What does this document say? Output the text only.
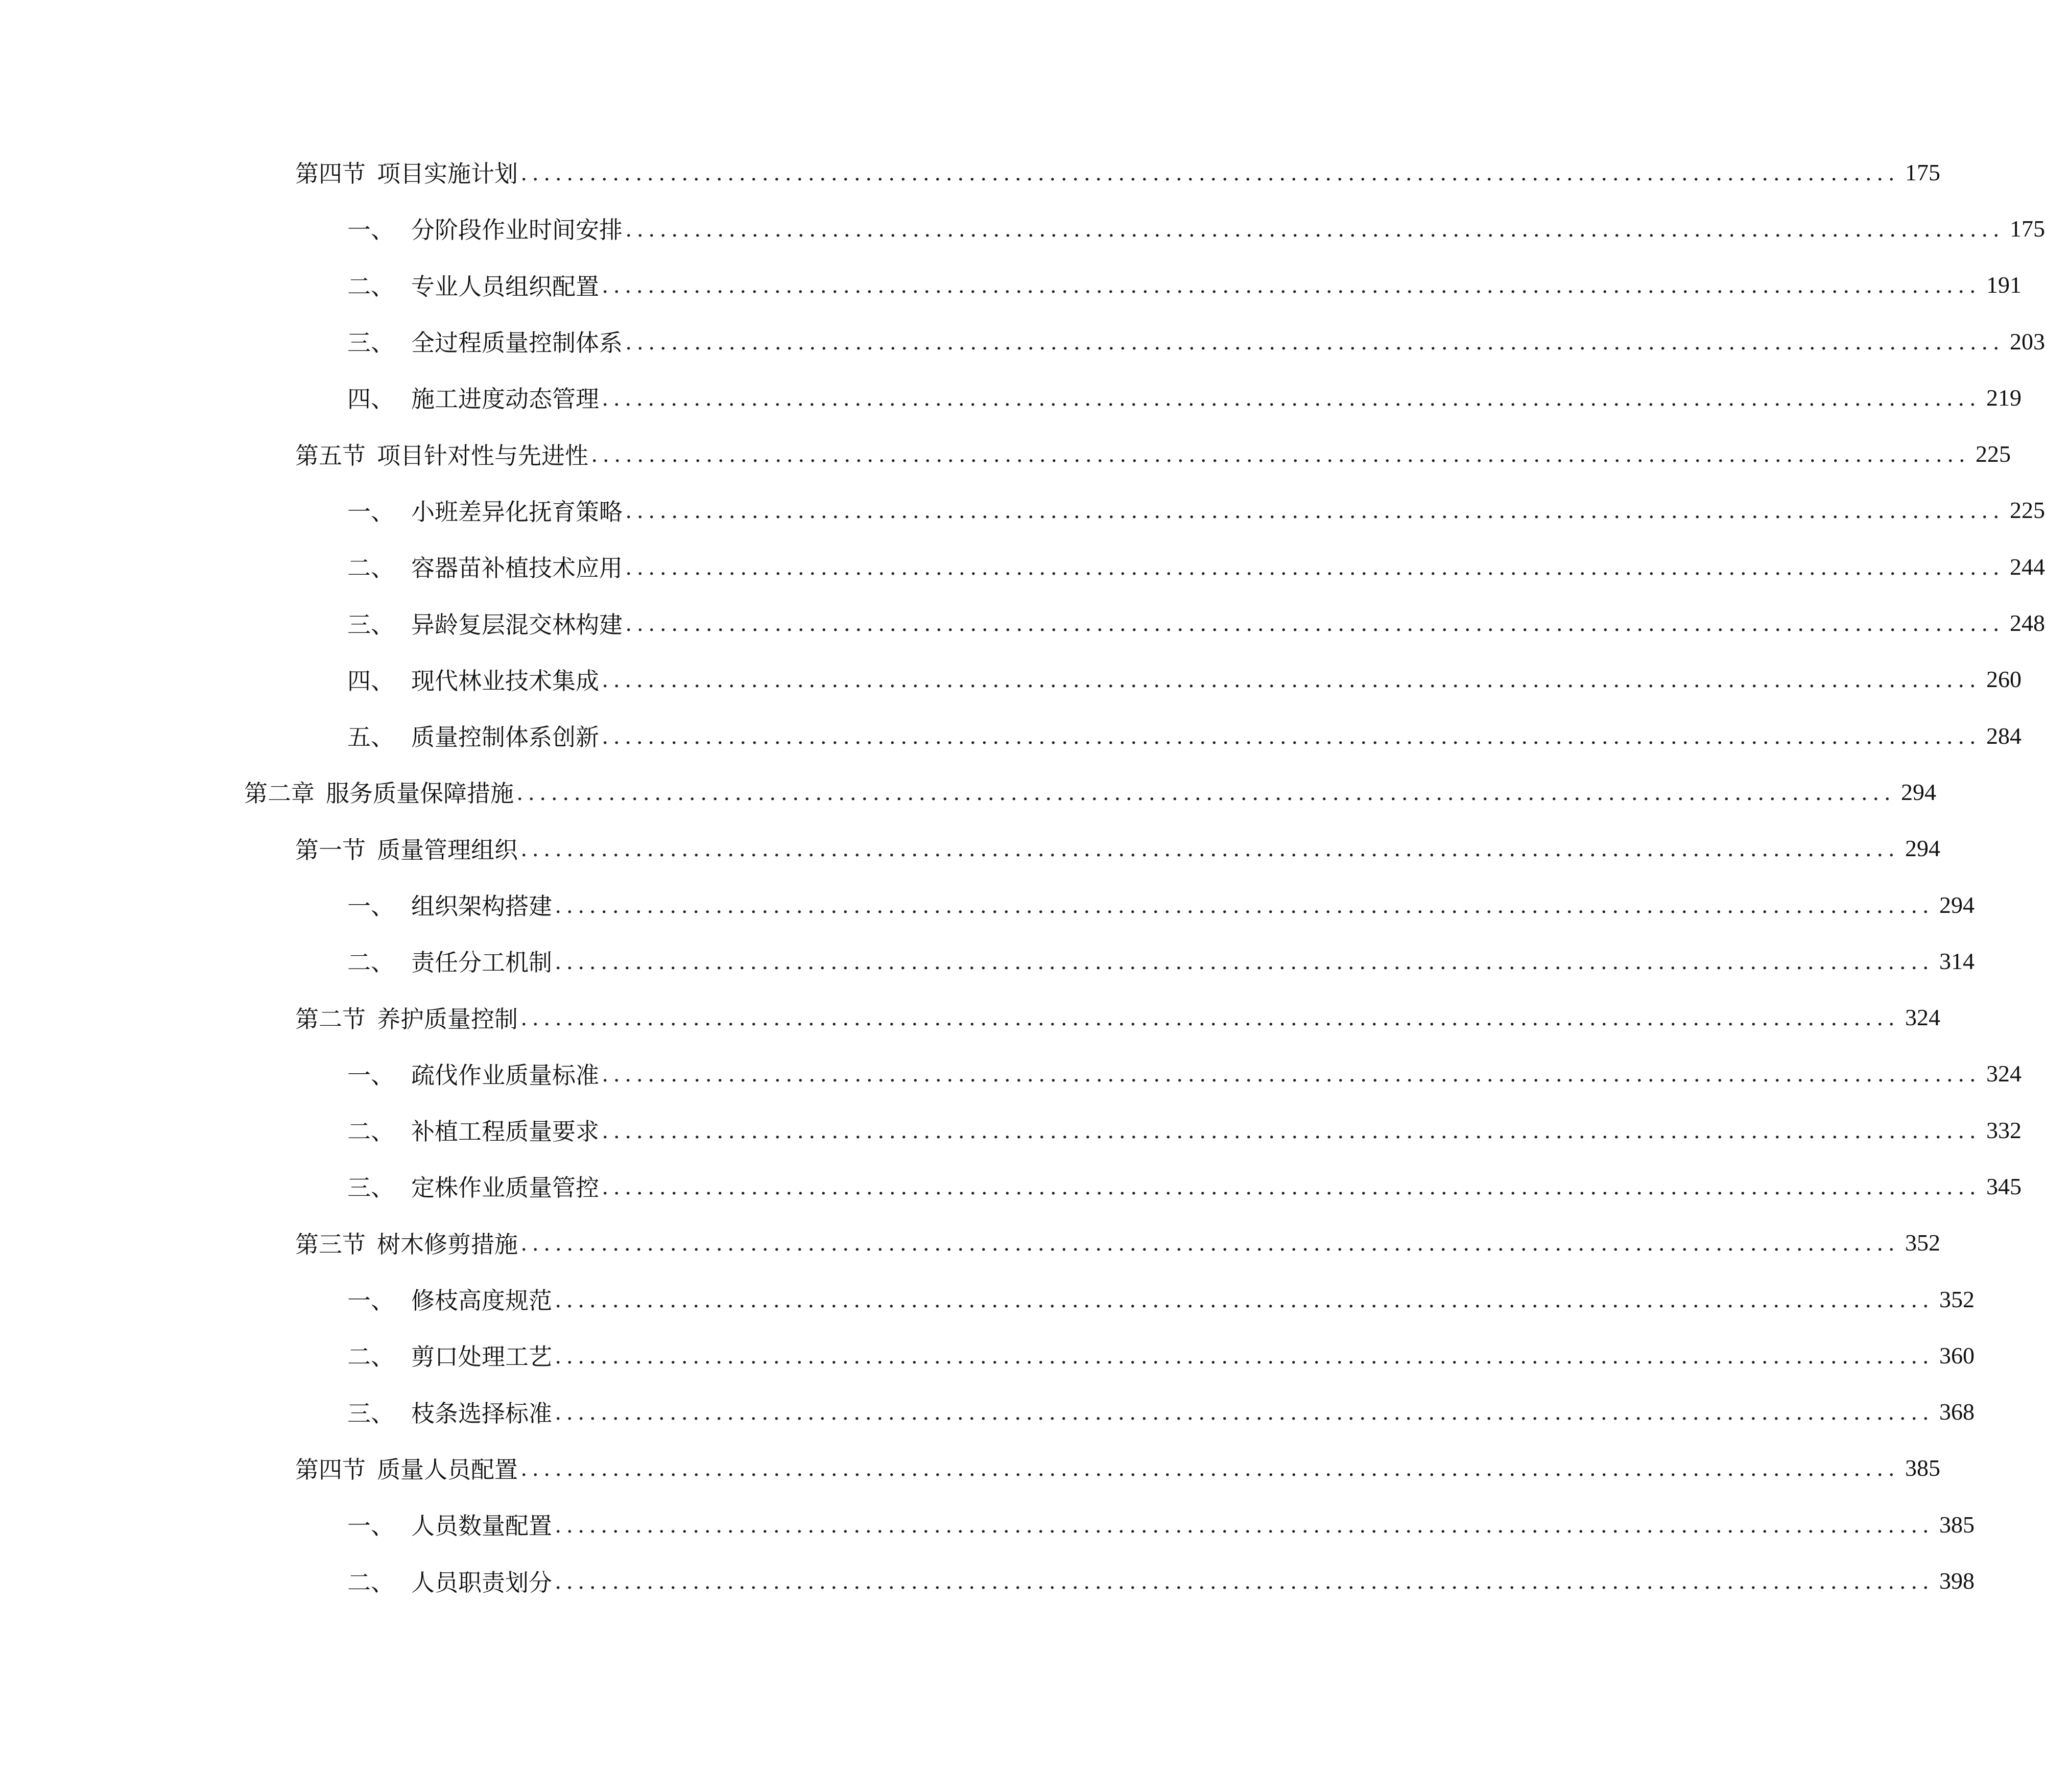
第四节 项目实施计划 ........................................................................................................................ 175
一、 分阶段作业时间安排 ........................................................................................................................ 175
二、 专业人员组织配置 ........................................................................................................................ 191
三、 全过程质量控制体系 ........................................................................................................................ 203
四、 施工进度动态管理 ........................................................................................................................ 219
第五节 项目针对性与先进性 ........................................................................................................................ 225
一、 小班差异化抚育策略 ........................................................................................................................ 225
二、 容器苗补植技术应用 ........................................................................................................................ 244
三、 异龄复层混交林构建 ........................................................................................................................ 248
四、 现代林业技术集成 ........................................................................................................................ 260
五、 质量控制体系创新 ........................................................................................................................ 284
第二章 服务质量保障措施 ........................................................................................................................ 294
第一节 质量管理组织 ........................................................................................................................ 294
一、 组织架构搭建 ........................................................................................................................ 294
二、 责任分工机制 ........................................................................................................................ 314
第二节 养护质量控制 ........................................................................................................................ 324
一、 疏伐作业质量标准 ........................................................................................................................ 324
二、 补植工程质量要求 ........................................................................................................................ 332
三、 定株作业质量管控 ........................................................................................................................ 345
第三节 树木修剪措施 ........................................................................................................................ 352
一、 修枝高度规范 ........................................................................................................................ 352
二、 剪口处理工艺 ........................................................................................................................ 360
三、 枝条选择标准 ........................................................................................................................ 368
第四节 质量人员配置 ........................................................................................................................ 385
一、 人员数量配置 ........................................................................................................................ 385
二、 人员职责划分 ........................................................................................................................ 398
